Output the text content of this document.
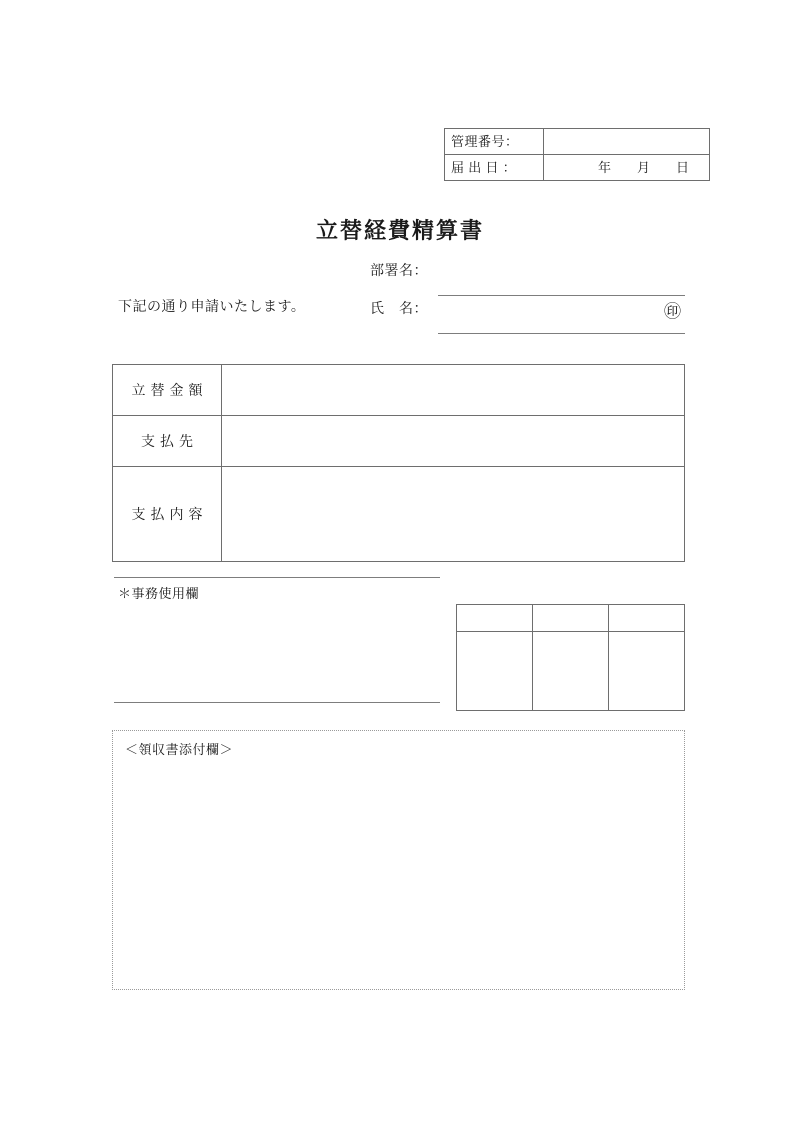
管理番号：	
届 出 日 ：	年 月 日
立替経費精算書
下記の通り申請いたします。
部署名：
氏　名：	㊞
立替金額	
支払先	
支払内容	
＊事務使用欄

＜領収書添付欄＞
